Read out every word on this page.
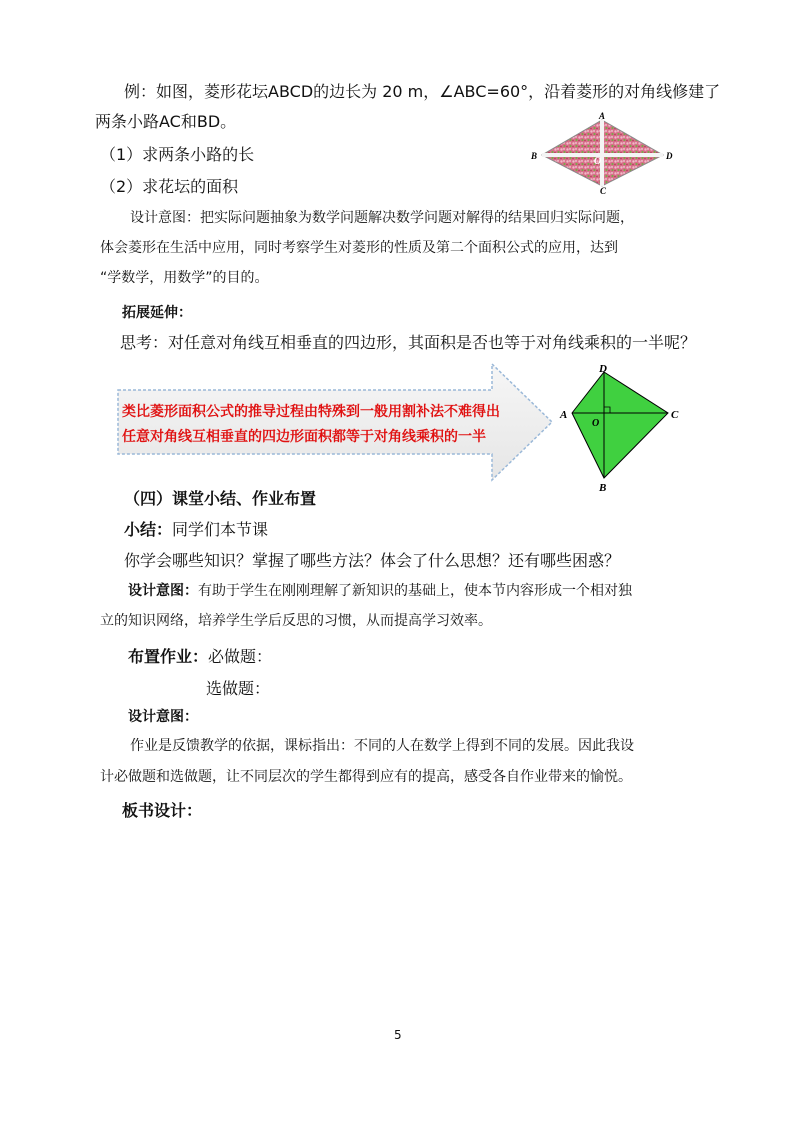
例：如图，菱形花坛ABCD的边长为 20 m，∠ABC=60°，沿着菱形的对角线修建了
两条小路AC和BD。
（1）求两条小路的长
（2）求花坛的面积
A
B
C
D
O
设计意图：把实际问题抽象为数学问题解决数学问题对解得的结果回归实际问题，
体会菱形在生活中应用，同时考察学生对菱形的性质及第二个面积公式的应用，达到
“学数学，用数学”的目的。
拓展延伸：
思考：对任意对角线互相垂直的四边形，其面积是否也等于对角线乘积的一半呢？
类比菱形面积公式的推导过程由特殊到一般用割补法不难得出
任意对角线互相垂直的四边形面积都等于对角线乘积的一半
D
A	C
B
O
（四）课堂小结、作业布置
小结：同学们本节课
你学会哪些知识？掌握了哪些方法？体会了什么思想？还有哪些困惑？
设计意图：有助于学生在刚刚理解了新知识的基础上，使本节内容形成一个相对独
立的知识网络，培养学生学后反思的习惯，从而提高学习效率。
布置作业：必做题：
选做题：
设计意图：
作业是反馈教学的依据，课标指出：不同的人在数学上得到不同的发展。因此我设
计必做题和选做题，让不同层次的学生都得到应有的提高，感受各自作业带来的愉悦。
板书设计：
5
